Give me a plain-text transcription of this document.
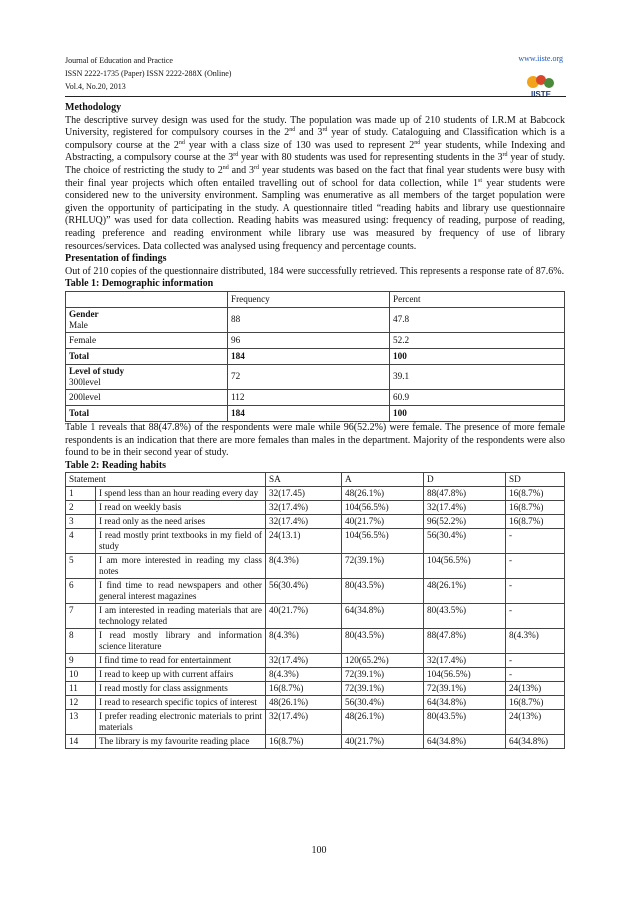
Journal of Education and Practice
ISSN 2222-1735 (Paper) ISSN 2222-288X (Online)
Vol.4, No.20, 2013
www.iiste.org
IISTE
Methodology

The descriptive survey design was used for the study. The population was made up of 210 students of I.R.M at Babcock University, registered for compulsory courses in the 2nd and 3rd year of study. Cataloguing and Classification which is a compulsory course at the 2nd year with a class size of 130 was used to represent 2nd year students, while Indexing and Abstracting, a compulsory course at the 3rd year with 80 students was used for representing students in the 3rd year of study. The choice of restricting the study to 2nd and 3rd year students was based on the fact that final year students were busy with their final year projects which often entailed travelling out of school for data collection, while 1st year students were considered new to the university environment. Sampling was enumerative as all members of the target population were given the opportunity of participating in the study. A questionnaire titled “reading habits and library use questionnaire (RHLUQ)” was used for data collection. Reading habits was measured using: frequency of reading, purpose of reading, reading preference and reading environment while library use was measured by frequency of use of library resources/services. Data collected was analysed using frequency and percentage counts.

Presentation of findings

Out of 210 copies of the questionnaire distributed, 184 were successfully retrieved. This represents a response rate of 87.6%.

Table 1: Demographic information
	Frequency	Percent

Gender
Male	88	47.8
Female	96	52.2
Total	184	100

Level of study
300level	72	39.1
200level	112	60.9
Total	184	100

Table 1 reveals that 88(47.8%) of the respondents were male while 96(52.2%) were female. The presence of more female respondents is an indication that there are more females than males in the department. Majority of the respondents were also found to be in their second year of study.

Table 2: Reading habits
Statement		SA	A	D	SD
1	I spend less than an hour reading every day	32(17.45)	48(26.1%)	88(47.8%)	16(8.7%)
2	I read on weekly basis	32(17.4%)	104(56.5%)	32(17.4%)	16(8.7%)
3	I read only as the need arises	32(17.4%)	40(21.7%)	96(52.2%)	16(8.7%)
4	I read mostly print textbooks in my field of study	24(13.1)	104(56.5%)	56(30.4%)	-
5	I am more interested in reading my class notes	8(4.3%)	72(39.1%)	104(56.5%)	-
6	I find time to read newspapers and other general interest magazines	56(30.4%)	80(43.5%)	48(26.1%)	-
7	I am interested in reading materials that are technology related	40(21.7%)	64(34.8%)	80(43.5%)	-
8	I read mostly library and information science literature	8(4.3%)	80(43.5%)	88(47.8%)	8(4.3%)
9	I find time to read for entertainment	32(17.4%)	120(65.2%)	32(17.4%)	-
10	I read to keep up with current affairs	8(4.3%)	72(39.1%)	104(56.5%)	-
11	I read mostly for class assignments	16(8.7%)	72(39.1%)	72(39.1%)	24(13%)
12	I read to research specific topics of interest	48(26.1%)	56(30.4%)	64(34.8%)	16(8.7%)
13	I prefer reading electronic materials to print materials	32(17.4%)	48(26.1%)	80(43.5%)	24(13%)
14	The library is my favourite reading place	16(8.7%)	40(21.7%)	64(34.8%)	64(34.8%)
100
